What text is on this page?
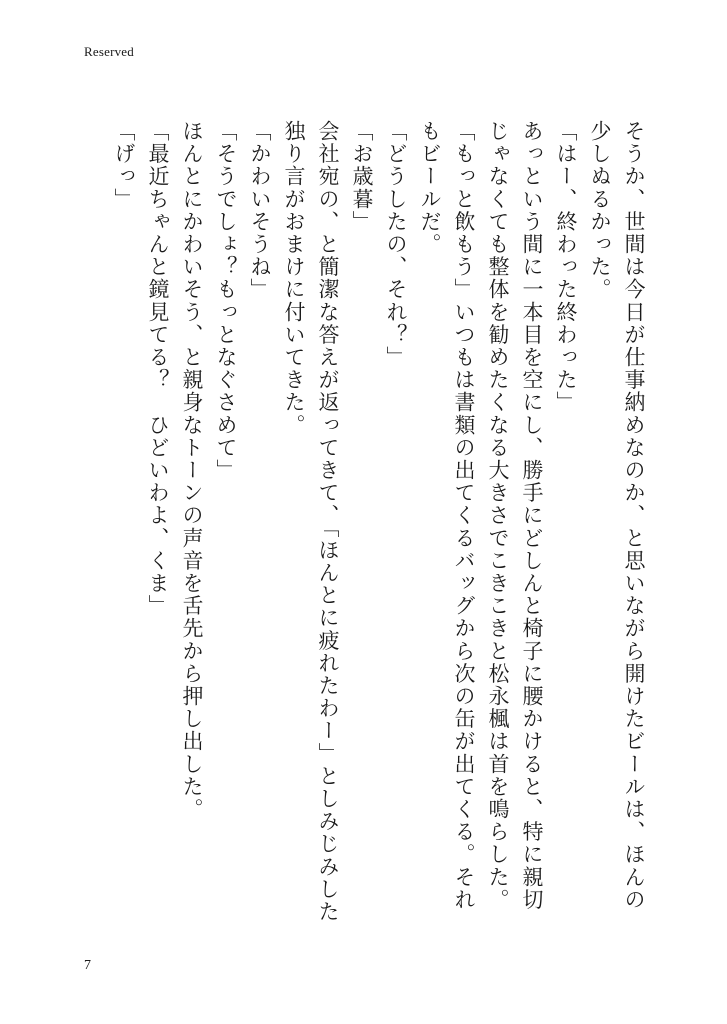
Reserved

そうか、世間は今日が仕事納めなのか、と思いながら開けたビールは、ほんの少しぬるかった。

「はー、終わった終わった」

あっという間に一本目を空にし、勝手にどしんと椅子に腰かけると、特に親切じゃなくても整体を勧めたくなる大きさでこきこきと松永楓は首を鳴らした。「もっと飲もう」いつもは書類の出てくるバッグから次の缶が出てくる。それもビールだ。

「どうしたの、それ？」

「お歳暮」

会社宛の、と簡潔な答えが返ってきて、「ほんとに疲れたわー」としみじみした独り言がおまけに付いてきた。

「かわいそうね」

「そうでしょ？もっとなぐさめて」

ほんとにかわいそう、と親身なトーンの声音を舌先から押し出した。

「最近ちゃんと鏡見てる？　ひどいわよ、くま」

「げっ」

7
